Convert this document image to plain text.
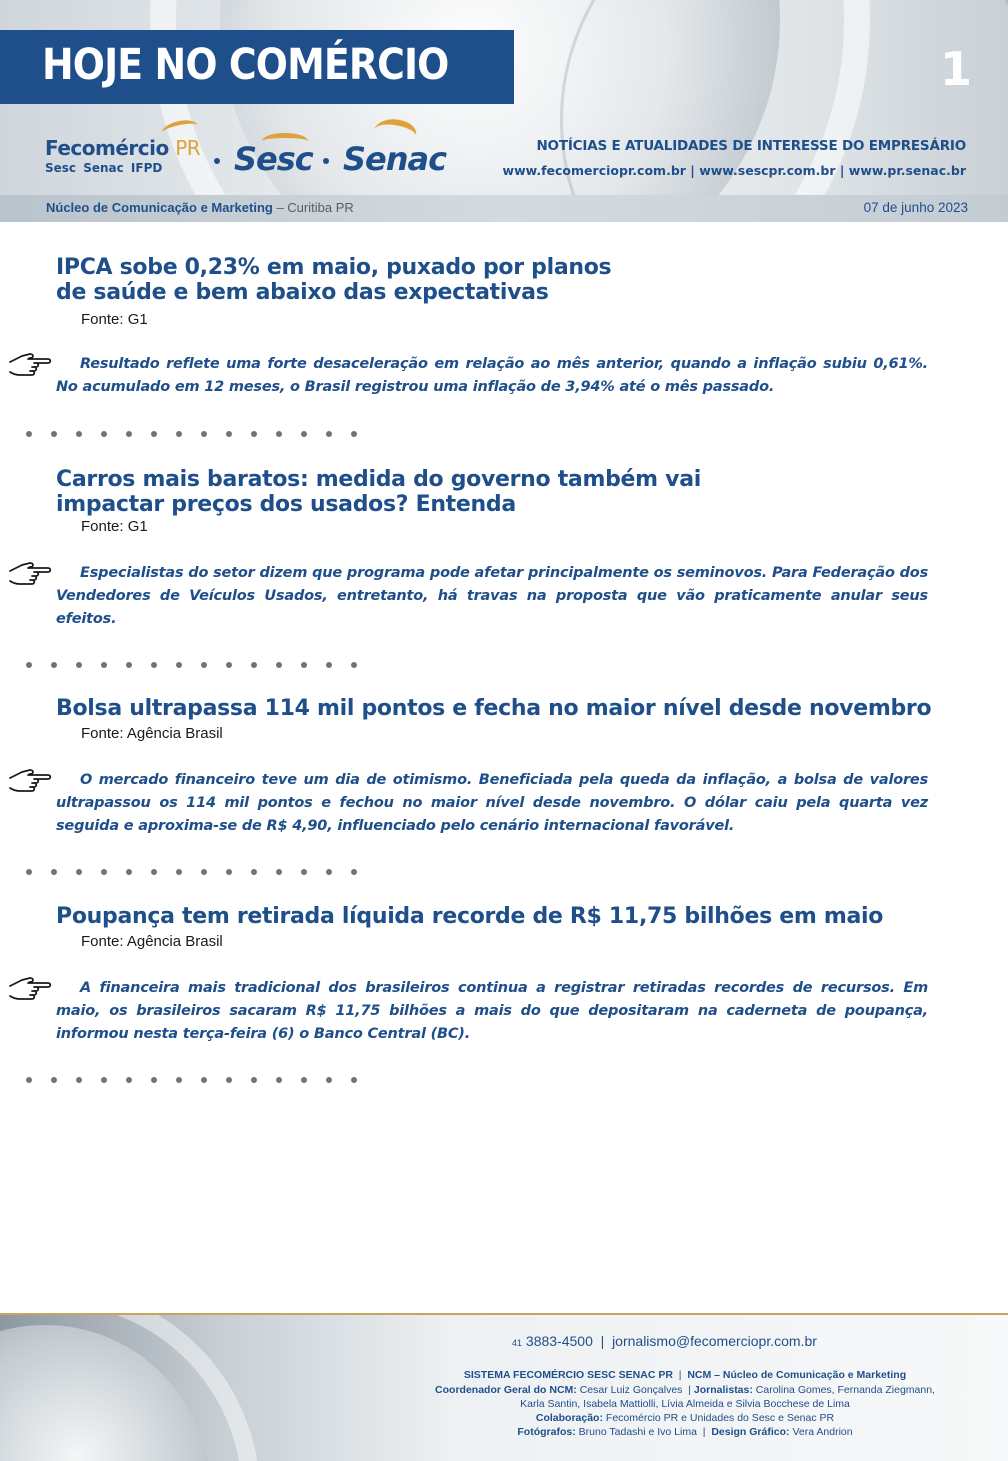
HOJE NO COMÉRCIO	1
Fecomércio PR
Sesc Senac IFPD	Sesc Senac	NOTÍCIAS E ATUALIDADES DE INTERESSE DO EMPRESÁRIO
www.fecomerciopr.com.br | www.sescpr.com.br | www.pr.senac.br
Núcleo de Comunicação e Marketing – Curitiba PR	07 de junho 2023
IPCA sobe 0,23% em maio, puxado por planos
de saúde e bem abaixo das expectativas
Fonte: G1
Resultado reflete uma forte desaceleração em relação ao mês anterior, quando a inflação subiu 0,61%. No acumulado em 12 meses, o Brasil registrou uma inflação de 3,94% até o mês passado.
Carros mais baratos: medida do governo também vai
impactar preços dos usados? Entenda
Fonte: G1
Especialistas do setor dizem que programa pode afetar principalmente os seminovos. Para Federação dos Vendedores de Veículos Usados, entretanto, há travas na proposta que vão praticamente anular seus efeitos.
Bolsa ultrapassa 114 mil pontos e fecha no maior nível desde novembro
Fonte: Agência Brasil
O mercado financeiro teve um dia de otimismo. Beneficiada pela queda da inflação, a bolsa de valores ultrapassou os 114 mil pontos e fechou no maior nível desde novembro. O dólar caiu pela quarta vez seguida e aproxima-se de R$ 4,90, influenciado pelo cenário internacional favorável.
Poupança tem retirada líquida recorde de R$ 11,75 bilhões em maio
Fonte: Agência Brasil
A financeira mais tradicional dos brasileiros continua a registrar retiradas recordes de recursos. Em maio, os brasileiros sacaram R$ 11,75 bilhões a mais do que depositaram na caderneta de poupança, informou nesta terça-feira (6) o Banco Central (BC).
41 3883-4500 | jornalismo@fecomerciopr.com.br
SISTEMA FECOMÉRCIO SESC SENAC PR  |  NCM – Núcleo de Comunicação e Marketing
Coordenador Geral do NCM: Cesar Luiz Gonçalves  | Jornalistas: Carolina Gomes, Fernanda Ziegmann,
Karla Santin, Isabela Mattiolli, Lívia Almeida e Silvia Bocchese de Lima
Colaboração: Fecomércio PR e Unidades do Sesc e Senac PR
Fotógrafos: Bruno Tadashi e Ivo Lima  |  Design Gráfico: Vera Andrion
